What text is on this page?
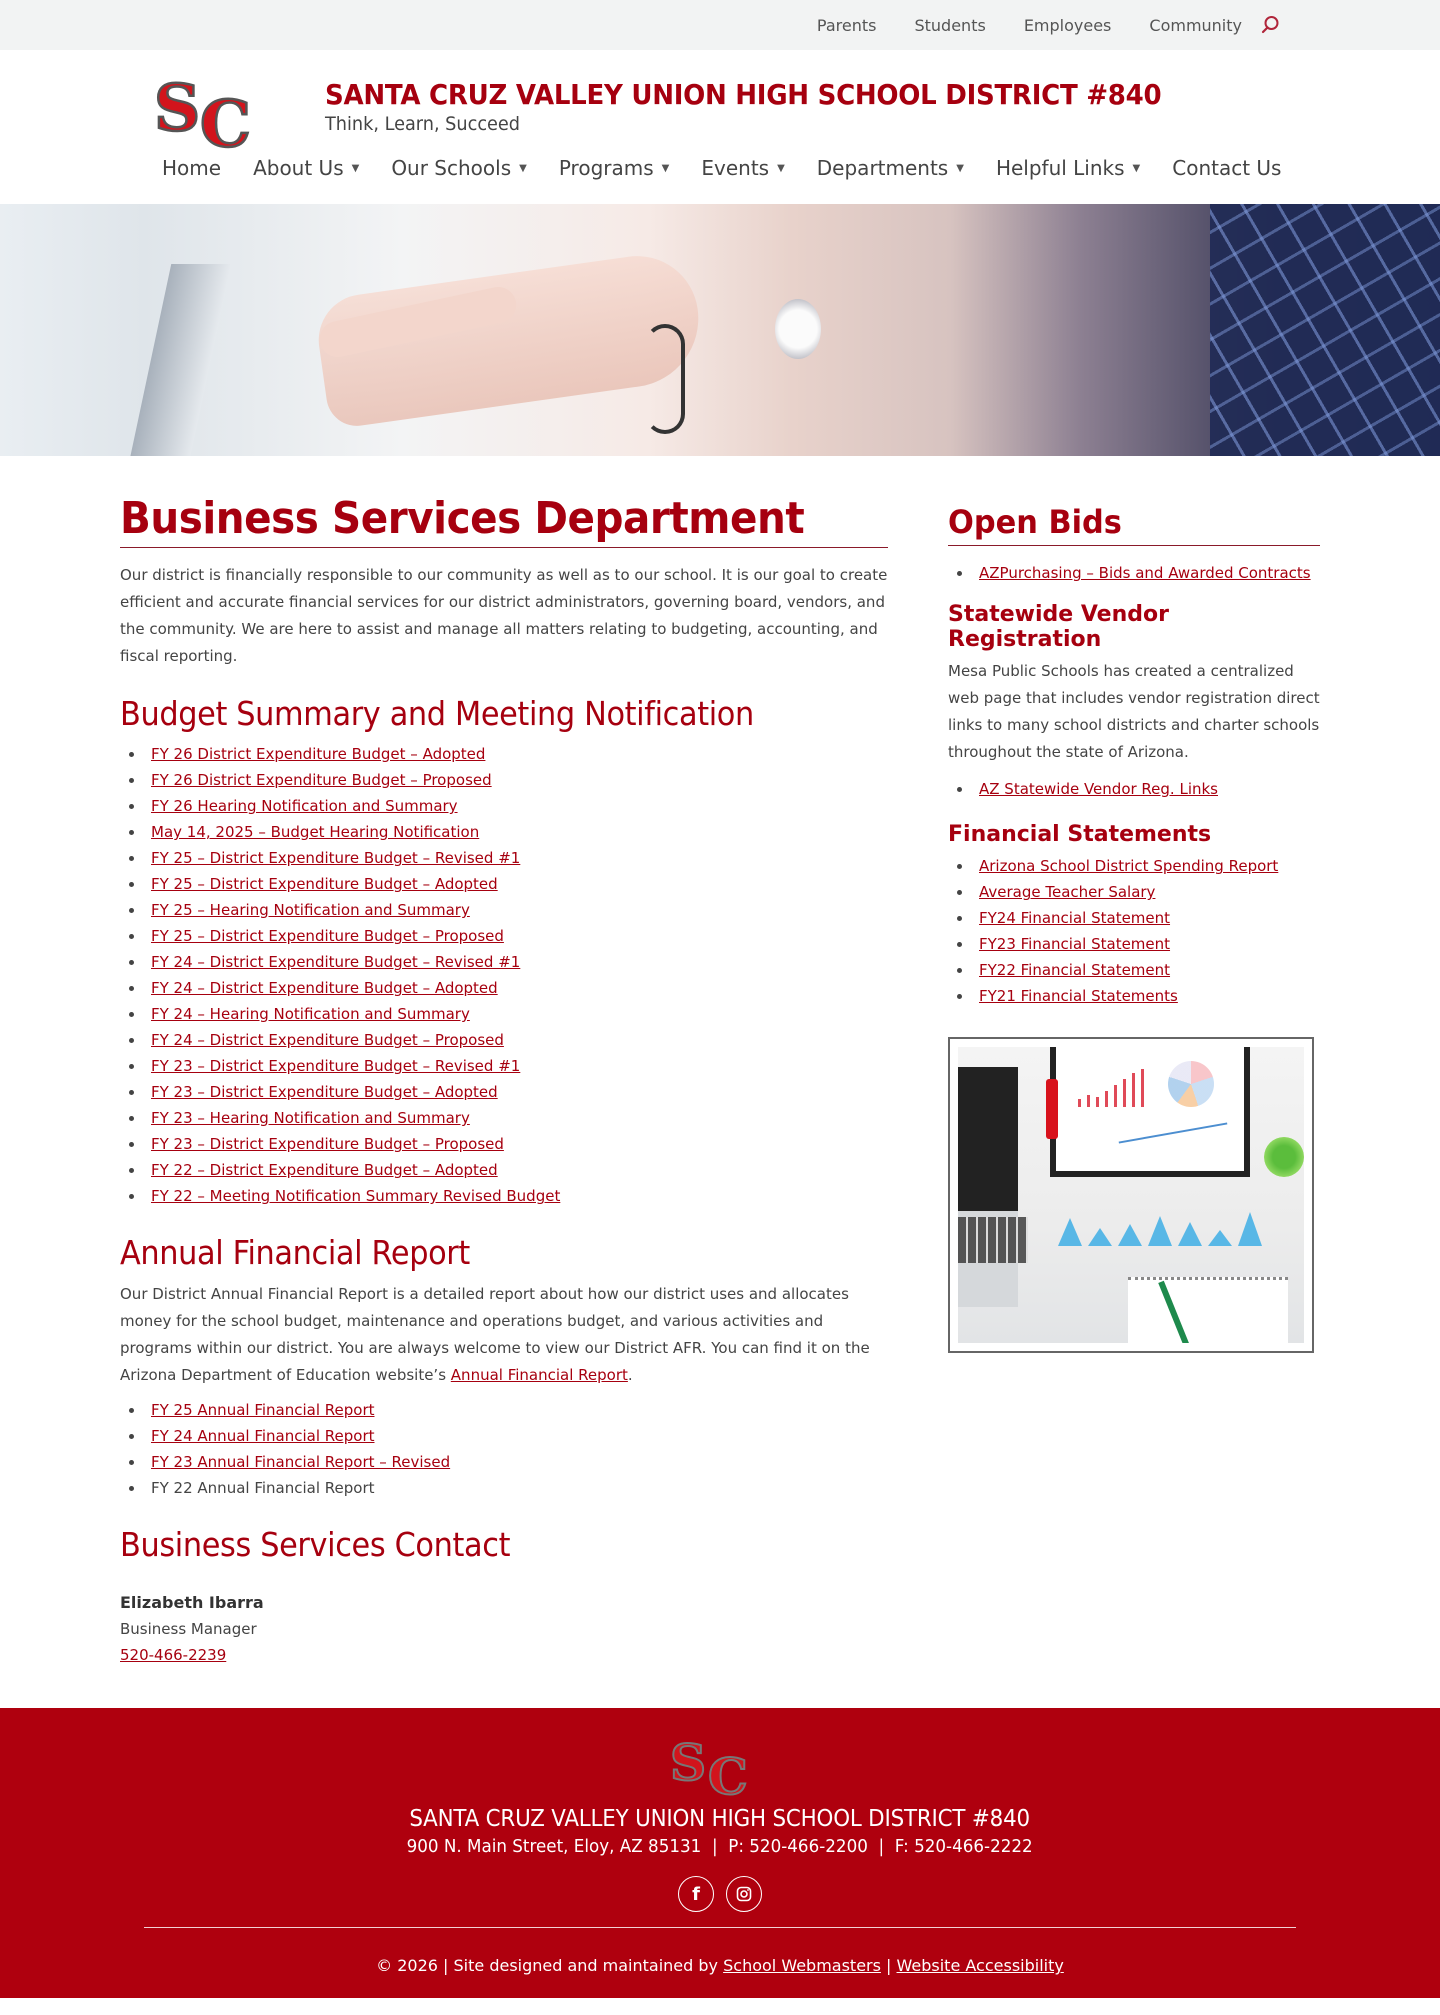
Parents Students Employees Community
S C	SANTA CRUZ VALLEY UNION HIGH SCHOOL DISTRICT #840
Think, Learn, Succeed
Home About Us ▼ Our Schools ▼ Programs ▼ Events ▼ Departments ▼ Helpful Links ▼ Contact Us
Business Services Department

Our district is financially responsible to our community as well as to our school. It is our goal to create efficient and accurate financial services for our district administrators, governing board, vendors, and the community. We are here to assist and manage all matters relating to budgeting, accounting, and fiscal reporting.

Budget Summary and Meeting Notification
FY 26 District Expenditure Budget – Adopted
FY 26 District Expenditure Budget – Proposed
FY 26 Hearing Notification and Summary
May 14, 2025 – Budget Hearing Notification
FY 25 – District Expenditure Budget – Revised #1
FY 25 – District Expenditure Budget – Adopted
FY 25 – Hearing Notification and Summary
FY 25 – District Expenditure Budget – Proposed
FY 24 – District Expenditure Budget – Revised #1
FY 24 – District Expenditure Budget – Adopted
FY 24 – Hearing Notification and Summary
FY 24 – District Expenditure Budget – Proposed
FY 23 – District Expenditure Budget – Revised #1
FY 23 – District Expenditure Budget – Adopted
FY 23 – Hearing Notification and Summary
FY 23 – District Expenditure Budget – Proposed
FY 22 – District Expenditure Budget – Adopted
FY 22 – Meeting Notification Summary Revised Budget
Annual Financial Report

Our District Annual Financial Report is a detailed report about how our district uses and allocates money for the school budget, maintenance and operations budget, and various activities and programs within our district. You are always welcome to view our District AFR. You can find it on the Arizona Department of Education website’s Annual Financial Report.

FY 25 Annual Financial Report
FY 24 Annual Financial Report
FY 23 Annual Financial Report – Revised
FY 22 Annual Financial Report
Business Services Contact
Elizabeth Ibarra
Business Manager
520-466-2239
Open Bids
AZPurchasing – Bids and Awarded Contracts
Statewide Vendor Registration

Mesa Public Schools has created a centralized web page that includes vendor registration direct links to many school districts and charter schools throughout the state of Arizona.

AZ Statewide Vendor Reg. Links
Financial Statements
Arizona School District Spending Report
Average Teacher Salary
FY24 Financial Statement
FY23 Financial Statement
FY22 Financial Statement
FY21 Financial Statements
S C
SANTA CRUZ VALLEY UNION HIGH SCHOOL DISTRICT #840
900 N. Main Street, Eloy, AZ 85131  |  P: 520-466-2200  |  F: 520-466-2222
f
© 2026 | Site designed and maintained by School Webmasters | Website Accessibility
